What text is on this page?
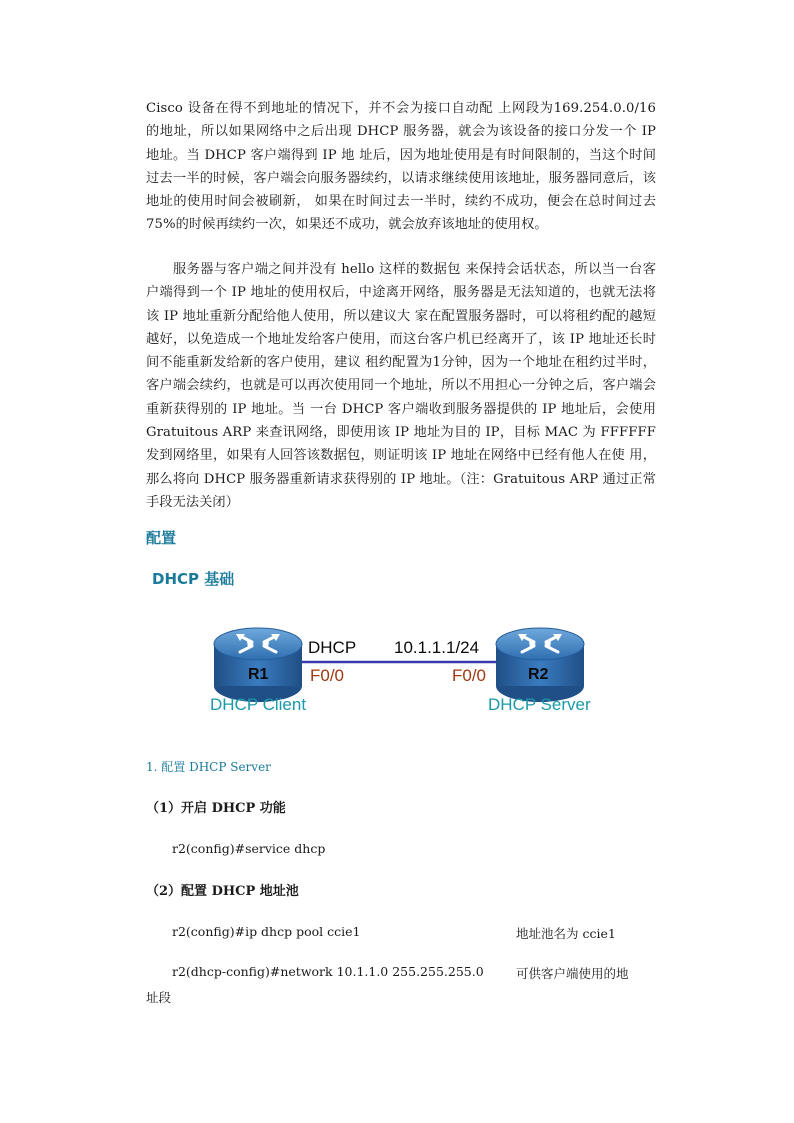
Cisco 设备在得不到地址的情况下，并不会为接口自动配 上网段为169.254.0.0/16 的地址，所以如果网络中之后出现 DHCP 服务器，就会为该设备的接口分发一个 IP 地址。当 DHCP 客户端得到 IP 地 址后，因为地址使用是有时间限制的，当这个时间过去一半的时候，客户端会向服务器续约，以请求继续使用该地址，服务器同意后，该地址的使用时间会被刷新， 如果在时间过去一半时，续约不成功，便会在总时间过去75%的时候再续约一次，如果还不成功，就会放弃该地址的使用权。

服务器与客户端之间并没有 hello 这样的数据包 来保持会话状态，所以当一台客户端得到一个 IP 地址的使用权后，中途离开网络，服务器是无法知道的，也就无法将该 IP 地址重新分配给他人使用，所以建议大 家在配置服务器时，可以将租约配的越短越好，以免造成一个地址发给客户使用，而这台客户机已经离开了，该 IP 地址还长时间不能重新发给新的客户使用，建议 租约配置为1分钟，因为一个地址在租约过半时，客户端会续约，也就是可以再次使用同一个地址，所以不用担心一分钟之后，客户端会重新获得别的 IP 地址。当 一台 DHCP 客户端收到服务器提供的 IP 地址后，会使用 Gratuitous ARP 来查讯网络，即使用该 IP 地址为目的 IP，目标 MAC 为 FFFFFF 发到网络里，如果有人回答该数据包，则证明该 IP 地址在网络中已经有他人在使 用，那么将向 DHCP 服务器重新请求获得别的 IP 地址。（注：Gratuitous ARP 通过正常手段无法关闭）

配置
DHCP 基础
R1	R2
DHCP 10.1.1.1/24
F0/0	F0/0
DHCP Client	DHCP Server

1. 配置 DHCP Server

（1）开启 DHCP 功能

r2(config)#service dhcp

（2）配置 DHCP 地址池

r2(config)#ip dhcp pool ccie1	地址池名为 ccie1

r2(dhcp-config)#network 10.1.1.0 255.255.255.0	可供客户端使用的地

址段
